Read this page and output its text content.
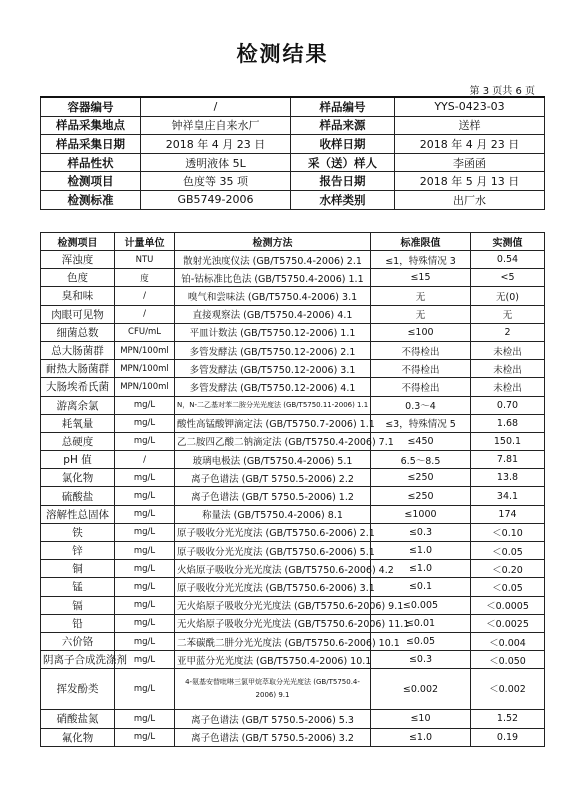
检测结果
第 3 页共 6 页
容器编号	/	样品编号	YYS-0423-03
样品采集地点	钟祥皇庄自来水厂	样品来源	送样
样品采集日期	2018 年 4 月 23 日	收样日期	2018 年 4 月 23 日
样品性状	透明液体 5L	采（送）样人	李函函
检测项目	色度等 35 项	报告日期	2018 年 5 月 13 日
检测标准	GB5749-2006	水样类别	出厂水
检测项目	计量单位	检测方法	标准限值	实测值
浑浊度	NTU	散射光浊度仪法 (GB/T5750.4-2006) 2.1	≤1，特殊情况 3	0.54
色度	度	铂-钴标准比色法 (GB/T5750.4-2006) 1.1	≤15	<5
臭和味	/	嗅气和尝味法 (GB/T5750.4-2006) 3.1	无	无(0)
肉眼可见物	/	直接观察法 (GB/T5750.4-2006) 4.1	无	无
细菌总数	CFU/mL	平皿计数法 (GB/T5750.12-2006) 1.1	≤100	2
总大肠菌群	MPN/100ml	多管发酵法 (GB/T5750.12-2006) 2.1	不得检出	未检出
耐热大肠菌群	MPN/100ml	多管发酵法 (GB/T5750.12-2006) 3.1	不得检出	未检出
大肠埃希氏菌	MPN/100ml	多管发酵法 (GB/T5750.12-2006) 4.1	不得检出	未检出
游离余氯	mg/L	N，N-二乙基对苯二胺分光光度法 (GB/T5750.11-2006) 1.1	0.3～4	0.70
耗氧量	mg/L	酸性高锰酸钾滴定法 (GB/T5750.7-2006) 1.1	≤3，特殊情况 5	1.68
总硬度	mg/L	乙二胺四乙酸二钠滴定法 (GB/T5750.4-2006) 7.1	≤450	150.1
pH 值	/	玻璃电极法 (GB/T5750.4-2006) 5.1	6.5～8.5	7.81
氯化物	mg/L	离子色谱法 (GB/T 5750.5-2006) 2.2	≤250	13.8
硫酸盐	mg/L	离子色谱法 (GB/T 5750.5-2006) 1.2	≤250	34.1
溶解性总固体	mg/L	称量法 (GB/T5750.4-2006) 8.1	≤1000	174
铁	mg/L	原子吸收分光光度法 (GB/T5750.6-2006) 2.1	≤0.3	＜0.10
锌	mg/L	原子吸收分光光度法 (GB/T5750.6-2006) 5.1	≤1.0	＜0.05
铜	mg/L	火焰原子吸收分光光度法 (GB/T5750.6-2006) 4.2	≤1.0	＜0.20
锰	mg/L	原子吸收分光光度法 (GB/T5750.6-2006) 3.1	≤0.1	＜0.05
镉	mg/L	无火焰原子吸收分光光度法 (GB/T5750.6-2006) 9.1	≤0.005	＜0.0005
铅	mg/L	无火焰原子吸收分光光度法 (GB/T5750.6-2006) 11.1	≤0.01	＜0.0025
六价铬	mg/L	二苯碳酰二肼分光光度法 (GB/T5750.6-2006) 10.1	≤0.05	＜0.004
阴离子合成洗涤剂	mg/L	亚甲蓝分光光度法 (GB/T5750.4-2006) 10.1	≤0.3	＜0.050
挥发酚类	mg/L	4-氨基安替吡啉三氯甲烷萃取分光光度法 (GB/T5750.4-2006) 9.1	≤0.002	＜0.002
硝酸盐氮	mg/L	离子色谱法 (GB/T 5750.5-2006) 5.3	≤10	1.52
氟化物	mg/L	离子色谱法 (GB/T 5750.5-2006) 3.2	≤1.0	0.19
